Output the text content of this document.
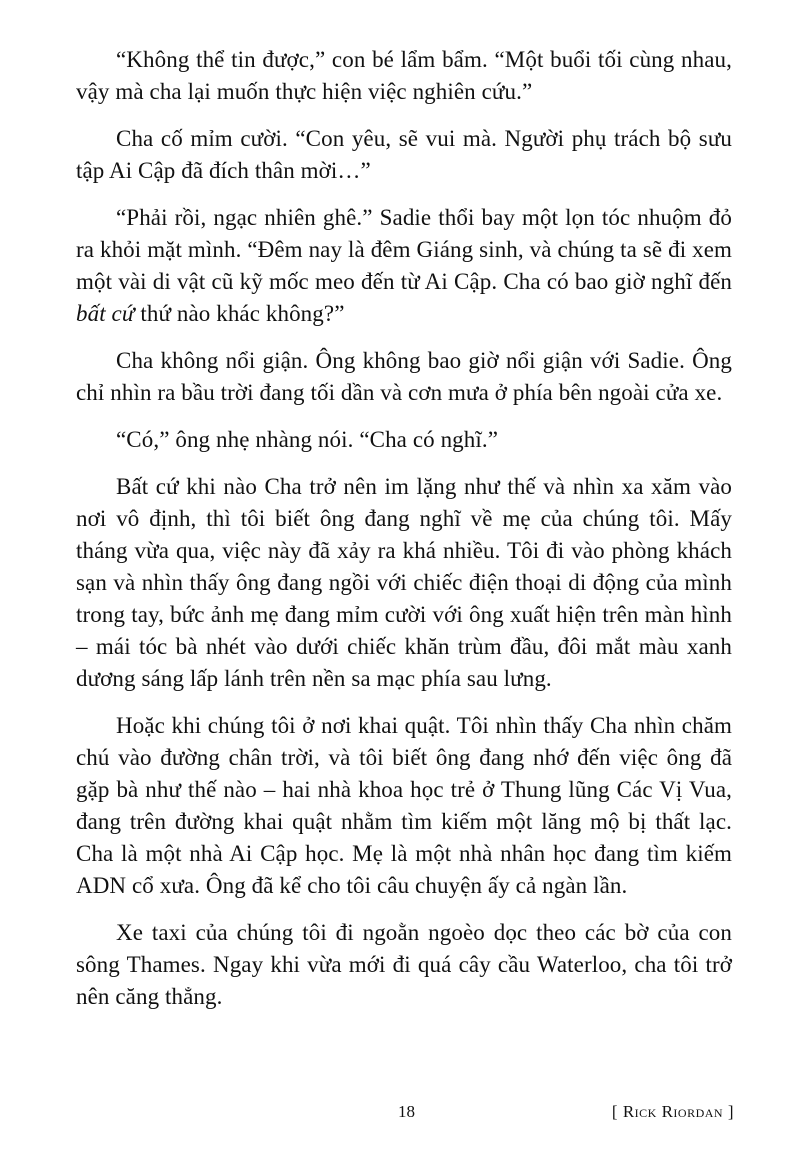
“Không thể tin được,” con bé lẩm bẩm. “Một buổi tối cùng nhau, vậy mà cha lại muốn thực hiện việc nghiên cứu.”

Cha cố mỉm cười. “Con yêu, sẽ vui mà. Người phụ trách bộ sưu tập Ai Cập đã đích thân mời…”

“Phải rồi, ngạc nhiên ghê.” Sadie thổi bay một lọn tóc nhuộm đỏ ra khỏi mặt mình. “Đêm nay là đêm Giáng sinh, và chúng ta sẽ đi xem một vài di vật cũ kỹ mốc meo đến từ Ai Cập. Cha có bao giờ nghĩ đến bất cứ thứ nào khác không?”

Cha không nổi giận. Ông không bao giờ nổi giận với Sadie. Ông chỉ nhìn ra bầu trời đang tối dần và cơn mưa ở phía bên ngoài cửa xe.

“Có,” ông nhẹ nhàng nói. “Cha có nghĩ.”

Bất cứ khi nào Cha trở nên im lặng như thế và nhìn xa xăm vào nơi vô định, thì tôi biết ông đang nghĩ về mẹ của chúng tôi. Mấy tháng vừa qua, việc này đã xảy ra khá nhiều. Tôi đi vào phòng khách sạn và nhìn thấy ông đang ngồi với chiếc điện thoại di động của mình trong tay, bức ảnh mẹ đang mỉm cười với ông xuất hiện trên màn hình – mái tóc bà nhét vào dưới chiếc khăn trùm đầu, đôi mắt màu xanh dương sáng lấp lánh trên nền sa mạc phía sau lưng.

Hoặc khi chúng tôi ở nơi khai quật. Tôi nhìn thấy Cha nhìn chăm chú vào đường chân trời, và tôi biết ông đang nhớ đến việc ông đã gặp bà như thế nào – hai nhà khoa học trẻ ở Thung lũng Các Vị Vua, đang trên đường khai quật nhằm tìm kiếm một lăng mộ bị thất lạc. Cha là một nhà Ai Cập học. Mẹ là một nhà nhân học đang tìm kiếm ADN cổ xưa. Ông đã kể cho tôi câu chuyện ấy cả ngàn lần.

Xe taxi của chúng tôi đi ngoằn ngoèo dọc theo các bờ của con sông Thames. Ngay khi vừa mới đi quá cây cầu Waterloo, cha tôi trở nên căng thẳng.

18	[ Rick Riordan ]
